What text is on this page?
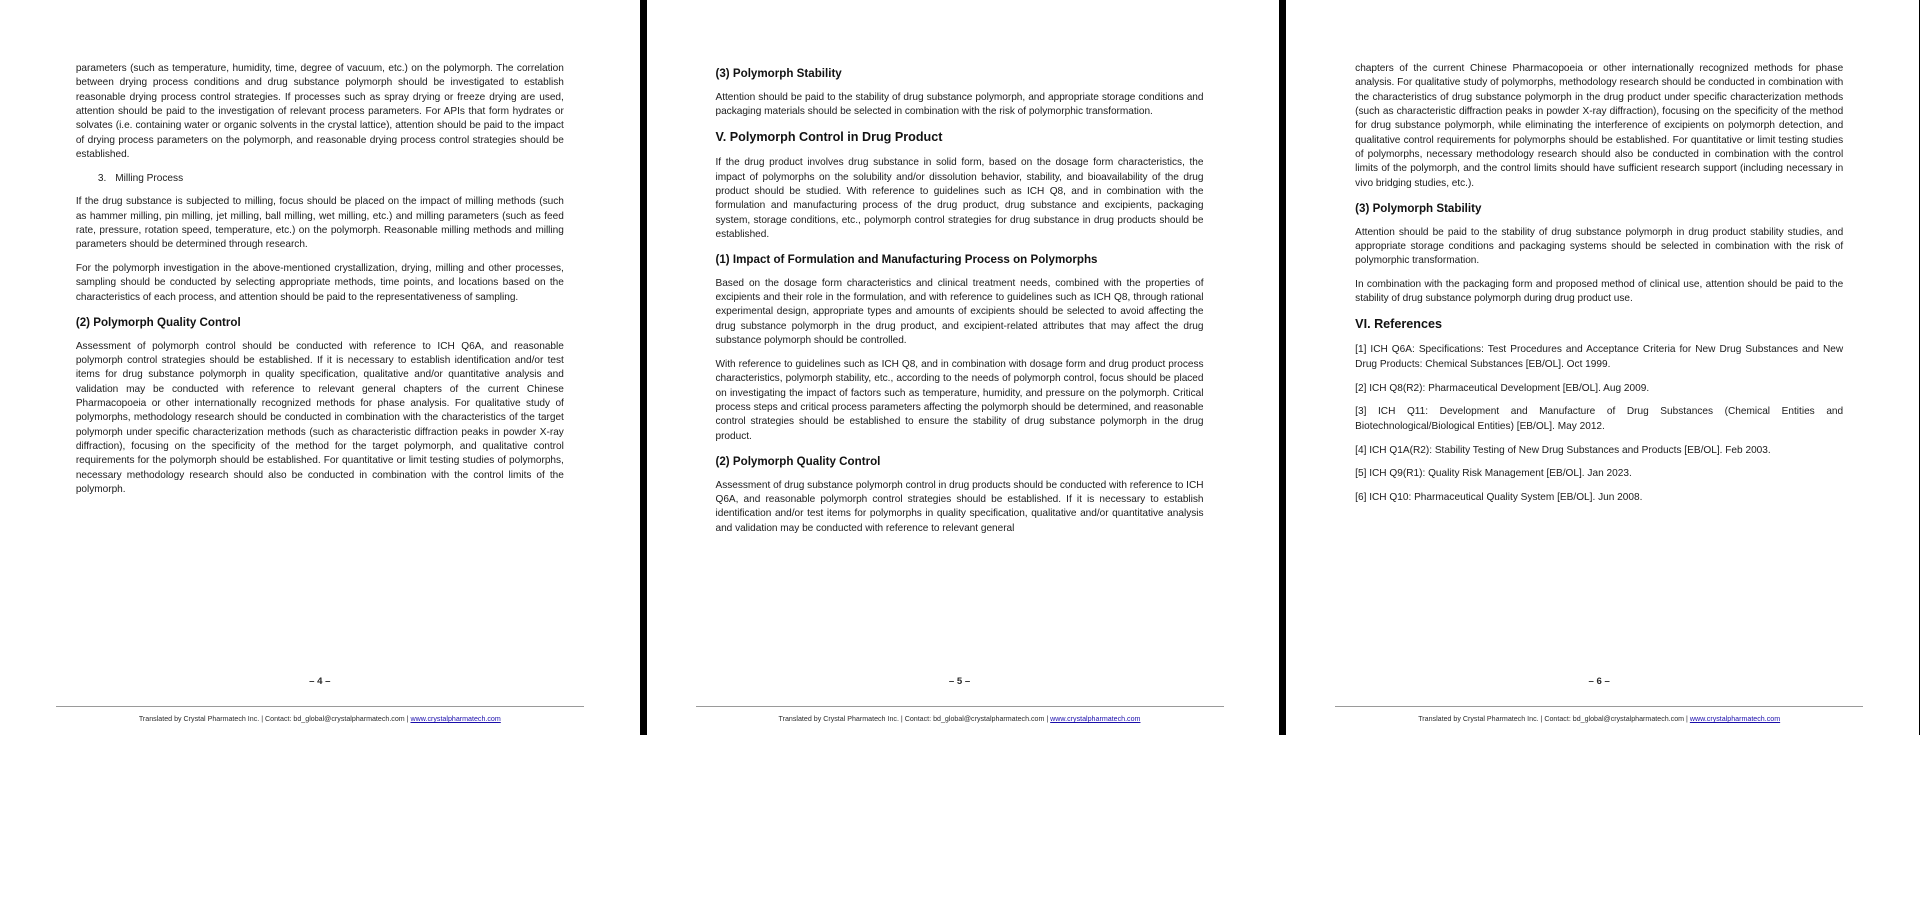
parameters (such as temperature, humidity, time, degree of vacuum, etc.) on the polymorph. The correlation between drying process conditions and drug substance polymorph should be investigated to establish reasonable drying process control strategies. If processes such as spray drying or freeze drying are used, attention should be paid to the investigation of relevant process parameters. For APIs that form hydrates or solvates (i.e. containing water or organic solvents in the crystal lattice), attention should be paid to the impact of drying process parameters on the polymorph, and reasonable drying process control strategies should be established.

3. Milling Process

If the drug substance is subjected to milling, focus should be placed on the impact of milling methods (such as hammer milling, pin milling, jet milling, ball milling, wet milling, etc.) and milling parameters (such as feed rate, pressure, rotation speed, temperature, etc.) on the polymorph. Reasonable milling methods and milling parameters should be determined through research.

For the polymorph investigation in the above-mentioned crystallization, drying, milling and other processes, sampling should be conducted by selecting appropriate methods, time points, and locations based on the characteristics of each process, and attention should be paid to the representativeness of sampling.

(2) Polymorph Quality Control

Assessment of polymorph control should be conducted with reference to ICH Q6A, and reasonable polymorph control strategies should be established. If it is necessary to establish identification and/or test items for drug substance polymorph in quality specification, qualitative and/or quantitative analysis and validation may be conducted with reference to relevant general chapters of the current Chinese Pharmacopoeia or other internationally recognized methods for phase analysis. For qualitative study of polymorphs, methodology research should be conducted in combination with the characteristics of the target polymorph under specific characterization methods (such as characteristic diffraction peaks in powder X-ray diffraction), focusing on the specificity of the method for the target polymorph, and qualitative control requirements for the polymorph should be established. For quantitative or limit testing studies of polymorphs, necessary methodology research should also be conducted in combination with the control limits of the polymorph.

– 4 –
Translated by Crystal Pharmatech Inc. | Contact: bd_global@crystalpharmatech.com | www.crystalpharmatech.com
(3) Polymorph Stability

Attention should be paid to the stability of drug substance polymorph, and appropriate storage conditions and packaging materials should be selected in combination with the risk of polymorphic transformation.

V. Polymorph Control in Drug Product

If the drug product involves drug substance in solid form, based on the dosage form characteristics, the impact of polymorphs on the solubility and/or dissolution behavior, stability, and bioavailability of the drug product should be studied. With reference to guidelines such as ICH Q8, and in combination with the formulation and manufacturing process of the drug product, drug substance and excipients, packaging system, storage conditions, etc., polymorph control strategies for drug substance in drug products should be established.

(1) Impact of Formulation and Manufacturing Process on Polymorphs

Based on the dosage form characteristics and clinical treatment needs, combined with the properties of excipients and their role in the formulation, and with reference to guidelines such as ICH Q8, through rational experimental design, appropriate types and amounts of excipients should be selected to avoid affecting the drug substance polymorph in the drug product, and excipient-related attributes that may affect the drug substance polymorph should be controlled.

With reference to guidelines such as ICH Q8, and in combination with dosage form and drug product process characteristics, polymorph stability, etc., according to the needs of polymorph control, focus should be placed on investigating the impact of factors such as temperature, humidity, and pressure on the polymorph. Critical process steps and critical process parameters affecting the polymorph should be determined, and reasonable control strategies should be established to ensure the stability of drug substance polymorph in the drug product.

(2) Polymorph Quality Control

Assessment of drug substance polymorph control in drug products should be conducted with reference to ICH Q6A, and reasonable polymorph control strategies should be established. If it is necessary to establish identification and/or test items for polymorphs in quality specification, qualitative and/or quantitative analysis and validation may be conducted with reference to relevant general

– 5 –
Translated by Crystal Pharmatech Inc. | Contact: bd_global@crystalpharmatech.com | www.crystalpharmatech.com

chapters of the current Chinese Pharmacopoeia or other internationally recognized methods for phase analysis. For qualitative study of polymorphs, methodology research should be conducted in combination with the characteristics of drug substance polymorph in the drug product under specific characterization methods (such as characteristic diffraction peaks in powder X-ray diffraction), focusing on the specificity of the method for drug substance polymorph, while eliminating the interference of excipients on polymorph detection, and qualitative control requirements for polymorphs should be established. For quantitative or limit testing studies of polymorphs, necessary methodology research should also be conducted in combination with the control limits of the polymorph, and the control limits should have sufficient research support (including necessary in vivo bridging studies, etc.).

(3) Polymorph Stability

Attention should be paid to the stability of drug substance polymorph in drug product stability studies, and appropriate storage conditions and packaging systems should be selected in combination with the risk of polymorphic transformation.

In combination with the packaging form and proposed method of clinical use, attention should be paid to the stability of drug substance polymorph during drug product use.

VI. References
[1] ICH Q6A: Specifications: Test Procedures and Acceptance Criteria for New Drug Substances and New Drug Products: Chemical Substances [EB/OL]. Oct 1999.
[2] ICH Q8(R2): Pharmaceutical Development [EB/OL]. Aug 2009.
[3] ICH Q11: Development and Manufacture of Drug Substances (Chemical Entities and Biotechnological/Biological Entities) [EB/OL]. May 2012.
[4] ICH Q1A(R2): Stability Testing of New Drug Substances and Products [EB/OL]. Feb 2003.
[5] ICH Q9(R1): Quality Risk Management [EB/OL]. Jan 2023.
[6] ICH Q10: Pharmaceutical Quality System [EB/OL]. Jun 2008.
– 6 –
Translated by Crystal Pharmatech Inc. | Contact: bd_global@crystalpharmatech.com | www.crystalpharmatech.com
